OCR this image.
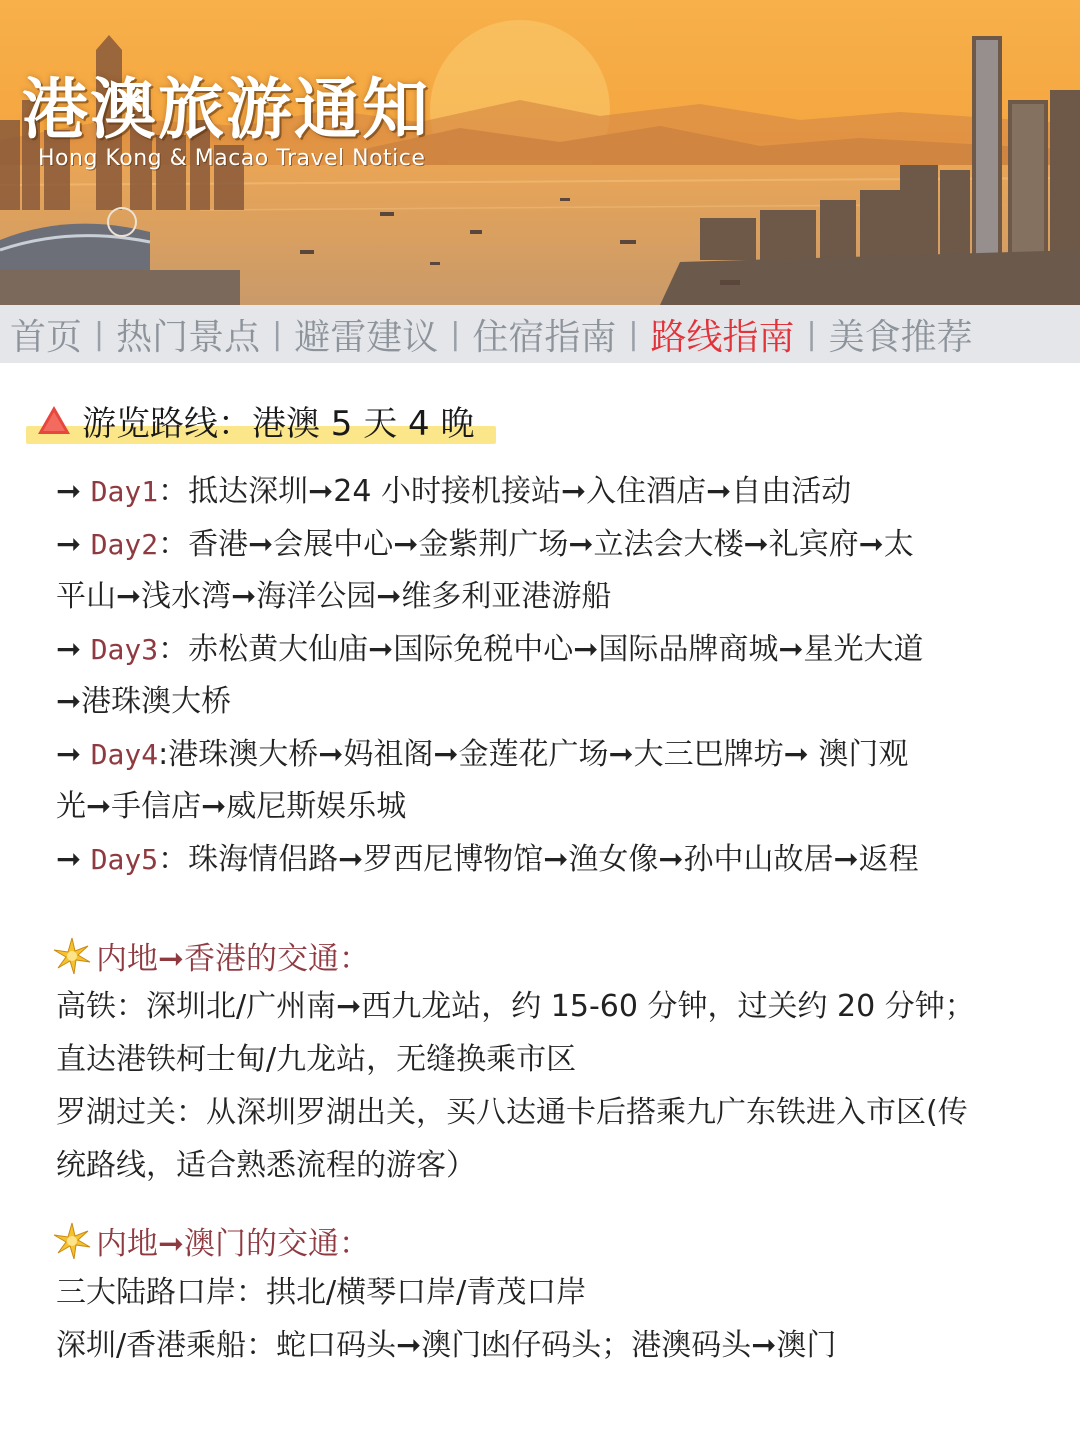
港澳旅游通知
Hong Kong & Macao Travel Notice
首页 | 热门景点 | 避雷建议 | 住宿指南 | 路线指南 | 美食推荐
游览路线：港澳 5 天 4 晚
➞ Day1：抵达深圳➞24 小时接机接站➞入住酒店➞自由活动
➞ Day2：香港➞会展中心➞金紫荆广场➞立法会大楼➞礼宾府➞太
平山➞浅水湾➞海洋公园➞维多利亚港游船
➞ Day3：赤松黄大仙庙➞国际免税中心➞国际品牌商城➞星光大道
➞港珠澳大桥
➞ Day4:港珠澳大桥➞妈祖阁➞金莲花广场➞大三巴牌坊➞ 澳门观
光➞手信店➞威尼斯娱乐城
➞ Day5：珠海情侣路➞罗西尼博物馆➞渔女像➞孙中山故居➞返程
内地➞香港的交通：
高铁：深圳北/广州南➞西九龙站，约 15-60 分钟，过关约 20 分钟；
直达港铁柯士甸/九龙站，无缝换乘市区
罗湖过关：从深圳罗湖出关，买八达通卡后搭乘九广东铁进入市区(传
统路线，适合熟悉流程的游客）
内地➞澳门的交通：
三大陆路口岸：拱北/横琴口岸/青茂口岸
深圳/香港乘船：蛇口码头➞澳门凼仔码头；港澳码头➞澳门
